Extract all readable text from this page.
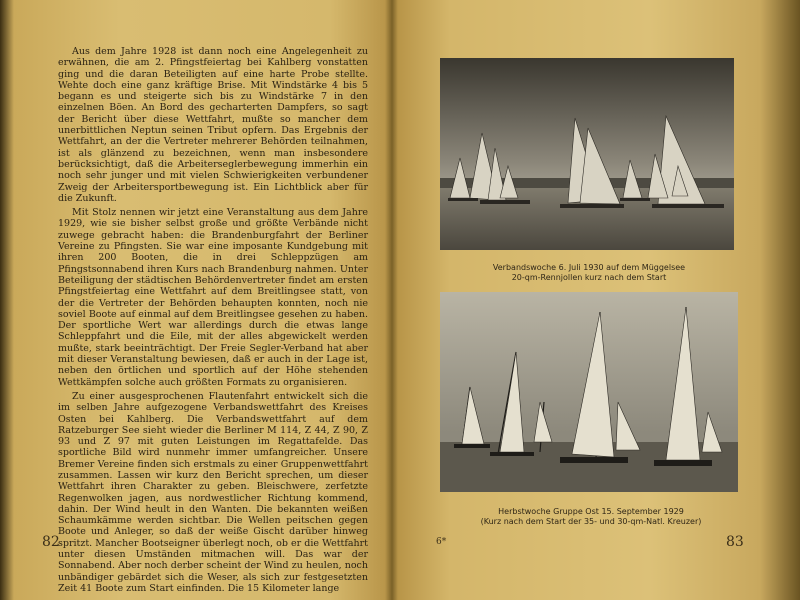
Aus dem Jahre 1928 ist dann noch eine Angelegenheit zu erwähnen, die am 2. Pfingstfeiertag bei Kahlberg vonstatten ging und die daran Beteiligten auf eine harte Probe stellte. Wehte doch eine ganz kräftige Brise. Mit Windstärke 4 bis 5 begann es und steigerte sich bis zu Windstärke 7 in den einzelnen Böen. An Bord des gecharterten Dampfers, so sagt der Bericht über diese Wettfahrt, mußte so mancher dem unerbittlichen Neptun seinen Tribut opfern. Das Ergebnis der Wettfahrt, an der die Vertreter mehrerer Behörden teilnahmen, ist als glänzend zu bezeichnen, wenn man insbesondere berücksichtigt, daß die Arbeiterseglerbewegung immerhin ein noch sehr junger und mit vielen Schwierigkeiten verbundener Zweig der Arbeitersportbewegung ist. Ein Lichtblick aber für die Zukunft.

Mit Stolz nennen wir jetzt eine Veranstaltung aus dem Jahre 1929, wie sie bisher selbst große und größte Verbände nicht zuwege gebracht haben: die Brandenburgfahrt der Berliner Vereine zu Pfingsten. Sie war eine imposante Kundgebung mit ihren 200 Booten, die in drei Schleppzügen am Pfingstsonnabend ihren Kurs nach Brandenburg nahmen. Unter Beteiligung der städtischen Behördenvertreter findet am ersten Pfingstfeiertag eine Wettfahrt auf dem Breitlingsee statt, von der die Vertreter der Behörden behaupten konnten, noch nie soviel Boote auf einmal auf dem Breitlingsee gesehen zu haben. Der sportliche Wert war allerdings durch die etwas lange Schleppfahrt und die Eile, mit der alles abgewickelt werden mußte, stark beeinträchtigt. Der Freie Segler-Verband hat aber mit dieser Veranstaltung bewiesen, daß er auch in der Lage ist, neben den örtlichen und sportlich auf der Höhe stehenden Wettkämpfen solche auch größten Formats zu organisieren.

Zu einer ausgesprochenen Flautenfahrt entwickelt sich die im selben Jahre aufgezogene Verbandswettfahrt des Kreises Osten bei Kahlberg. Die Verbandswettfahrt auf dem Ratzeburger See sieht wieder die Berliner M 114, Z 44, Z 90, Z 93 und Z 97 mit guten Leistungen im Regattafelde. Das sportliche Bild wird nunmehr immer umfangreicher. Unsere Bremer Vereine finden sich erstmals zu einer Gruppenwettfahrt zusammen. Lassen wir kurz den Bericht sprechen, um dieser Wettfahrt ihren Charakter zu geben. Bleischwere, zerfetzte Regenwolken jagen, aus nordwestlicher Richtung kommend, dahin. Der Wind heult in den Wanten. Die bekannten weißen Schaumkämme werden sichtbar. Die Wellen peitschen gegen Boote und Anleger, so daß der weiße Gischt darüber hinweg spritzt. Mancher Bootseigner überlegt noch, ob er die Wettfahrt unter diesen Umständen mitmachen will. Das war der Sonnabend. Aber noch derber scheint der Wind zu heulen, noch unbändiger gebärdet sich die Weser, als sich zur festgesetzten Zeit 41 Boote zum Start einfinden. Die 15 Kilometer lange

82
Verbandswoche 6. Juli 1930 auf dem Müggelsee
20-qm-Rennjollen kurz nach dem Start
Herbstwoche Gruppe Ost 15. September 1929
(Kurz nach dem Start der 35- und 30-qm-Natl. Kreuzer)
6*	83
